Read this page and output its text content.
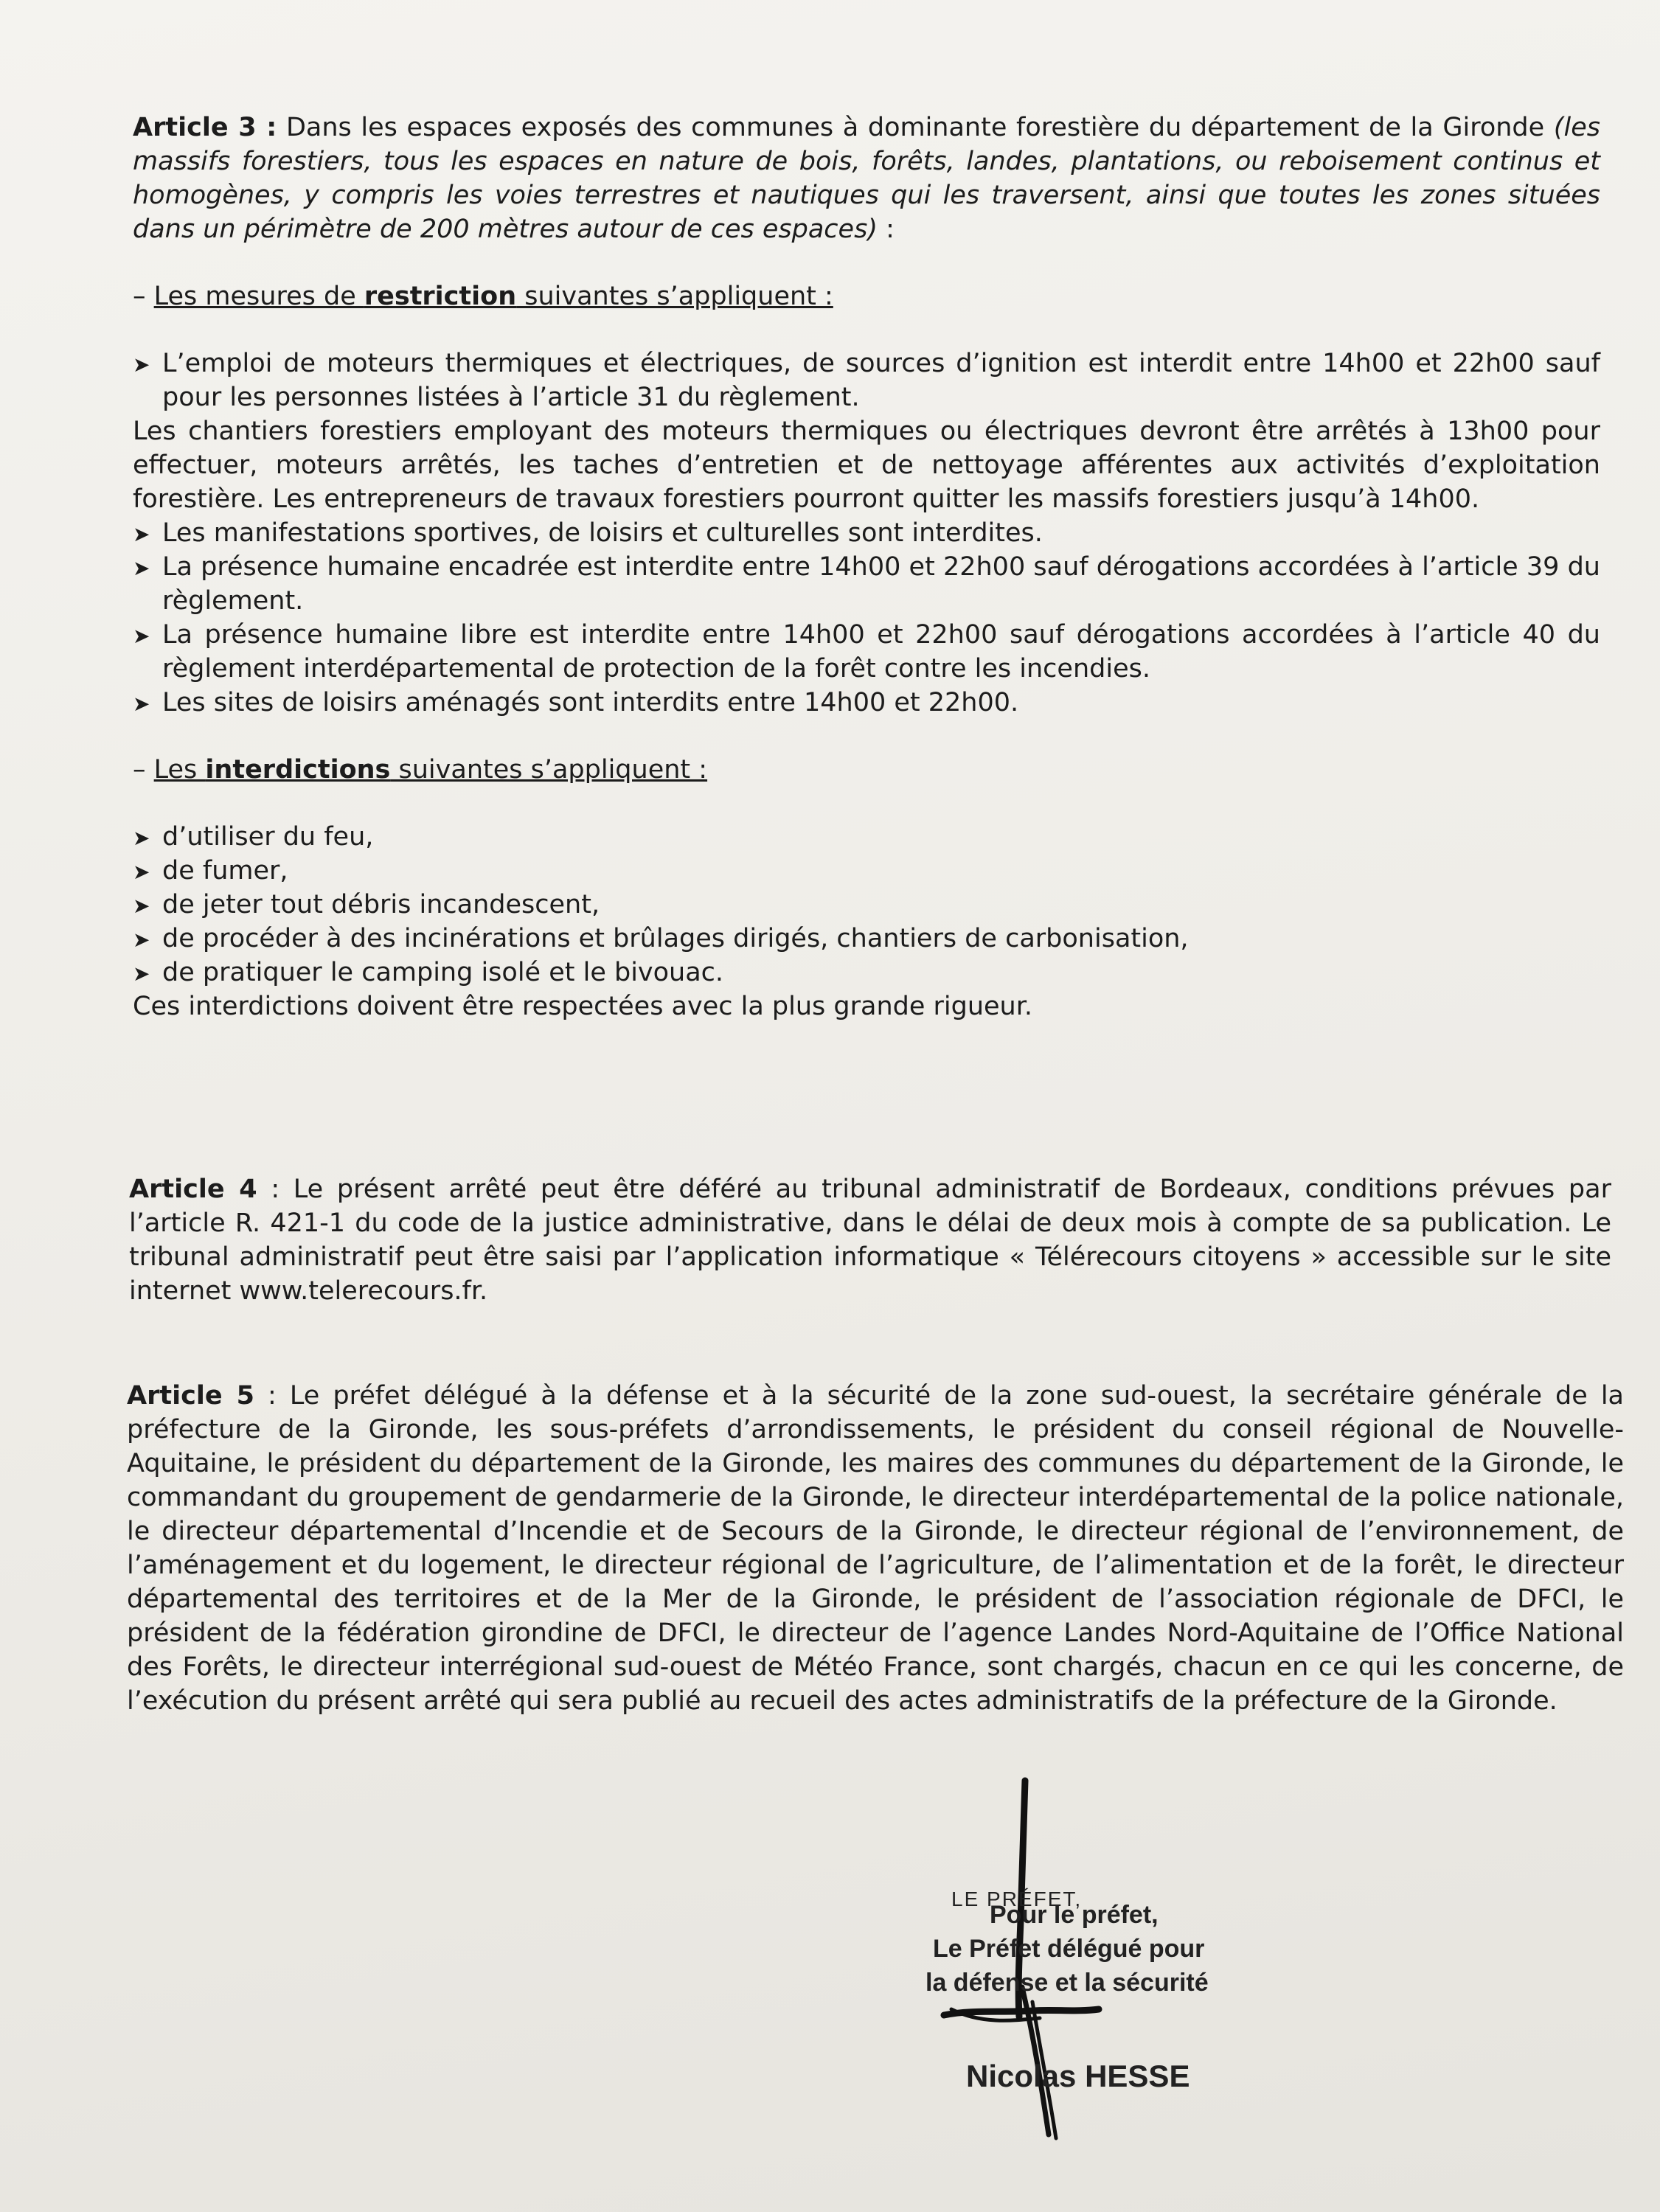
Article 3 : Dans les espaces exposés des communes à dominante forestière du département de la Gironde (les massifs forestiers, tous les espaces en nature de bois, forêts, landes, plantations, ou reboisement continus et homogènes, y compris les voies terrestres et nautiques qui les traversent, ainsi que toutes les zones situées dans un périmètre de 200 mètres autour de ces espaces) :

– Les mesures de restriction suivantes s’appliquent :
➤ L’emploi de moteurs thermiques et électriques, de sources d’ignition est interdit entre 14h00 et 22h00 sauf pour les personnes listées à l’article 31 du règlement.

Les chantiers forestiers employant des moteurs thermiques ou électriques devront être arrêtés à 13h00 pour effectuer, moteurs arrêtés, les taches d’entretien et de nettoyage afférentes aux activités d’exploitation forestière. Les entrepreneurs de travaux forestiers pourront quitter les massifs forestiers jusqu’à 14h00.

➤ Les manifestations sportives, de loisirs et culturelles sont interdites.
➤ La présence humaine encadrée est interdite entre 14h00 et 22h00 sauf dérogations accordées à l’article 39 du règlement.
➤ La présence humaine libre est interdite entre 14h00 et 22h00 sauf dérogations accordées à l’article 40 du règlement interdépartemental de protection de la forêt contre les incendies.
➤ Les sites de loisirs aménagés sont interdits entre 14h00 et 22h00.
– Les interdictions suivantes s’appliquent :
➤ d’utiliser du feu,
➤ de fumer,
➤ de jeter tout débris incandescent,
➤ de procéder à des incinérations et brûlages dirigés, chantiers de carbonisation,
➤ de pratiquer le camping isolé et le bivouac.

Ces interdictions doivent être respectées avec la plus grande rigueur.

Article 4 : Le présent arrêté peut être déféré au tribunal administratif de Bordeaux, conditions prévues par l’article R. 421-1 du code de la justice administrative, dans le délai de deux mois à compte de sa publication. Le tribunal administratif peut être saisi par l’application informatique « Télérecours citoyens » accessible sur le site internet www.telerecours.fr.

Article 5 : Le préfet délégué à la défense et à la sécurité de la zone sud-ouest, la secrétaire générale de la préfecture de la Gironde, les sous-préfets d’arrondissements, le président du conseil régional de Nouvelle-Aquitaine, le président du département de la Gironde, les maires des communes du département de la Gironde, le commandant du groupement de gendarmerie de la Gironde, le directeur interdépartemental de la police nationale, le directeur départemental d’Incendie et de Secours de la Gironde, le directeur régional de l’environnement, de l’aménagement et du logement, le directeur régional de l’agriculture, de l’alimentation et de la forêt, le directeur départemental des territoires et de la Mer de la Gironde, le président de l’association régionale de DFCI, le président de la fédération girondine de DFCI, le directeur de l’agence Landes Nord-Aquitaine de l’Office National des Forêts, le directeur interrégional sud-ouest de Météo France, sont chargés, chacun en ce qui les concerne, de l’exécution du présent arrêté qui sera publié au recueil des actes administratifs de la préfecture de la Gironde.

LE PRÉFET,
Pour le préfet,
Le Préfet délégué pour
la défense et la sécurité
Nicolas HESSE
